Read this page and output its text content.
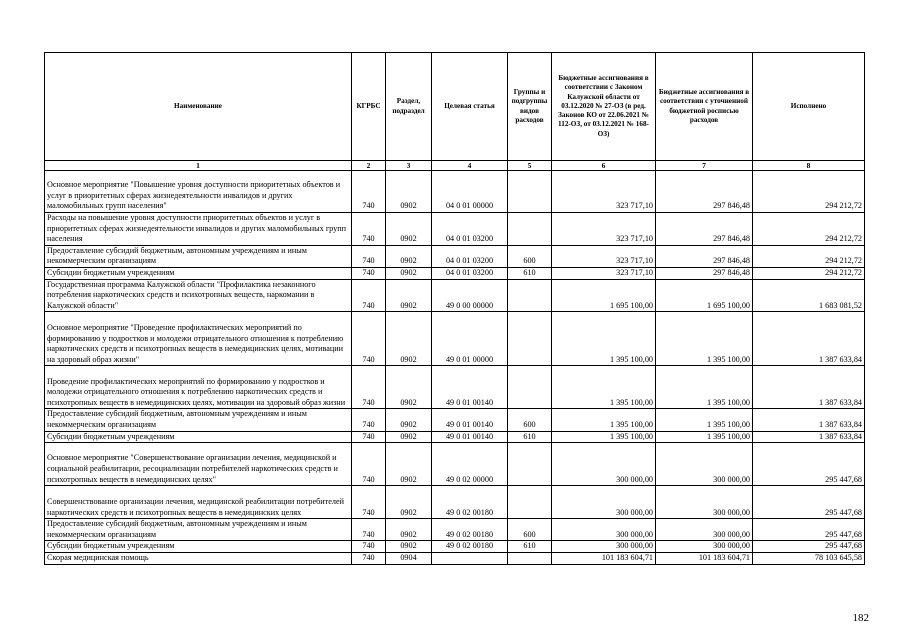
Наименование	КГРБС	Раздел, подраздел	Целевая статья	Группы и подгруппы видов расходов	Бюджетные ассигнования в соответствии с Законом Калужской области от 03.12.2020 № 27-ОЗ (в ред. Законов КО от 22.06.2021 № 112-ОЗ, от 03.12.2021 № 168-ОЗ)	Бюджетные ассигнования в соответствии с уточненной бюджетной росписью расходов	Исполнено
1	2	3	4	5	6	7	8
Основное мероприятие "Повышение уровня доступности приоритетных объектов и услуг в приоритетных сферах жизнедеятельности инвалидов и других маломобильных групп населения"	740	0902	04 0 01 00000		323 717,10	297 846,48	294 212,72
Расходы на повышение уровня доступности приоритетных объектов и услуг в приоритетных сферах жизнедеятельности инвалидов и других маломобильных групп населения	740	0902	04 0 01 03200		323 717,10	297 846,48	294 212,72
Предоставление субсидий бюджетным, автономным учреждениям и иным некоммерческим организациям	740	0902	04 0 01 03200	600	323 717,10	297 846,48	294 212,72
Субсидии бюджетным учреждениям	740	0902	04 0 01 03200	610	323 717,10	297 846,48	294 212,72
Государственная программа Калужской области "Профилактика незаконного потребления наркотических средств и психотропных веществ, наркомании в Калужской области"	740	0902	49 0 00 00000		1 695 100,00	1 695 100,00	1 683 081,52
Основное мероприятие "Проведение профилактических мероприятий по формированию у подростков и молодежи отрицательного отношения к потреблению наркотических средств и психотропных веществ в немедицинских целях, мотивации на здоровый образ жизни"	740	0902	49 0 01 00000		1 395 100,00	1 395 100,00	1 387 633,84
Проведение профилактических мероприятий по формированию у подростков и молодежи отрицательного отношения к потреблению наркотических средств и психотропных веществ в немедицинских целях, мотивации на здоровый образ жизни	740	0902	49 0 01 00140		1 395 100,00	1 395 100,00	1 387 633,84
Предоставление субсидий бюджетным, автономным учреждениям и иным некоммерческим организациям	740	0902	49 0 01 00140	600	1 395 100,00	1 395 100,00	1 387 633,84
Субсидии бюджетным учреждениям	740	0902	49 0 01 00140	610	1 395 100,00	1 395 100,00	1 387 633,84
Основное мероприятие "Совершенствование организации лечения, медицинской и социальной реабилитации, ресоциализации потребителей наркотических средств и психотропных веществ в немедицинских целях"	740	0902	49 0 02 00000		300 000,00	300 000,00	295 447,68
Совершенствование организации лечения, медицинской реабилитации потребителей наркотических средств и психотропных веществ в немедицинских целях	740	0902	49 0 02 00180		300 000,00	300 000,00	295 447,68
Предоставление субсидий бюджетным, автономным учреждениям и иным некоммерческим организациям	740	0902	49 0 02 00180	600	300 000,00	300 000,00	295 447,68
Субсидии бюджетным учреждениям	740	0902	49 0 02 00180	610	300 000,00	300 000,00	295 447,68
Скорая медицинская помощь	740	0904			101 183 604,71	101 183 604,71	78 103 645,58
182
